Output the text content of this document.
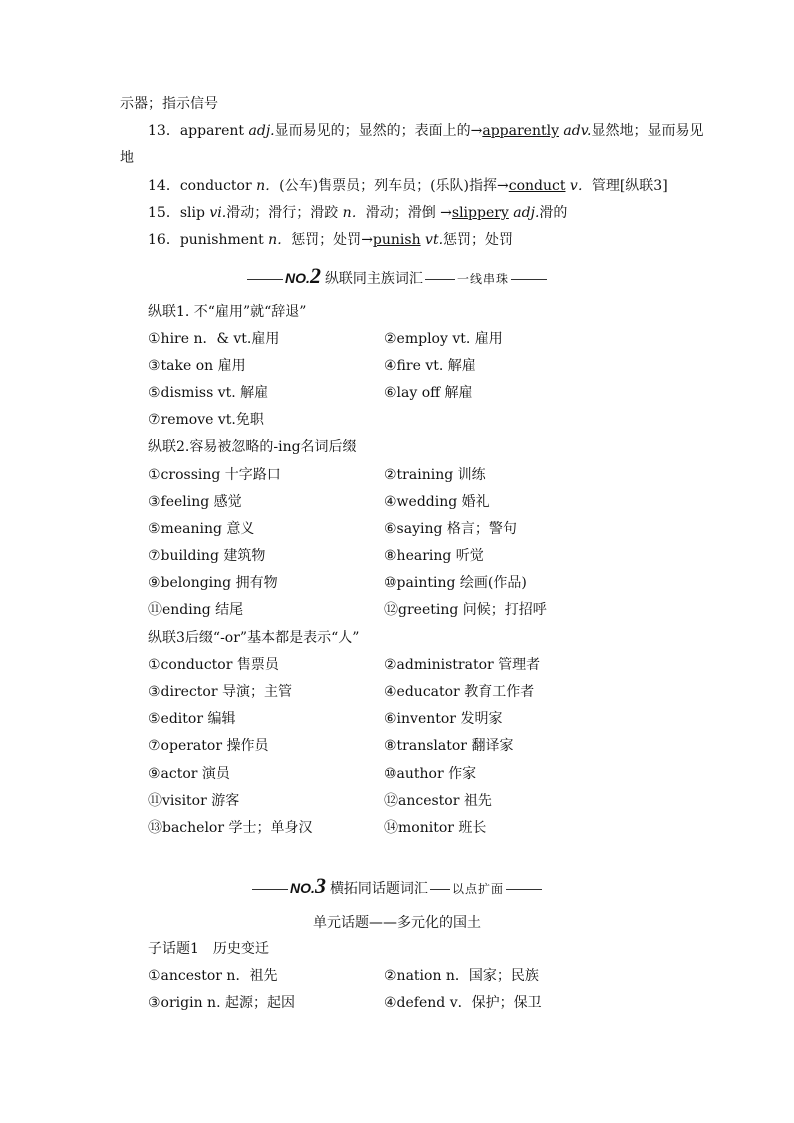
示器；指示信号
13．apparent adj.显而易见的；显然的；表面上的→apparently adv.显然地；显而易见
地
14．conductor n．(公车)售票员；列车员；(乐队)指挥→conduct v．管理[纵联3]
15．slip vi.滑动；滑行；滑跤 n．滑动；滑倒 →slippery adj.滑的
16．punishment n．惩罚；处罚→punish vt.惩罚；处罚
NO.2 纵联同主族词汇	一线串珠
纵联1. 不“雇用”就“辞退”
①hire n．& vt.雇用	②employ vt. 雇用
③take on 雇用	④fire vt. 解雇
⑤dismiss vt. 解雇	⑥lay off 解雇
⑦remove vt.免职
纵联2.容易被忽略的-ing名词后缀
①crossing 十字路口	②training 训练
③feeling 感觉	④wedding 婚礼
⑤meaning 意义	⑥saying 格言；警句
⑦building 建筑物	⑧hearing 听觉
⑨belonging 拥有物	⑩painting 绘画(作品)
⑪ending 结尾	⑫greeting 问候；打招呼
纵联3后缀“-or”基本都是表示“人”
①conductor 售票员	②administrator 管理者
③director 导演；主管	④educator 教育工作者
⑤editor 编辑	⑥inventor 发明家
⑦operator 操作员	⑧translator 翻译家
⑨actor 演员	⑩author 作家
⑪visitor 游客	⑫ancestor 祖先
⑬bachelor 学士；单身汉	⑭monitor 班长
NO.3 横拓同话题词汇 以点扩面
单元话题——多元化的国土
子话题1　历史变迁
①ancestor n．祖先	②nation n．国家；民族
③origin n. 起源；起因	④defend v．保护；保卫
